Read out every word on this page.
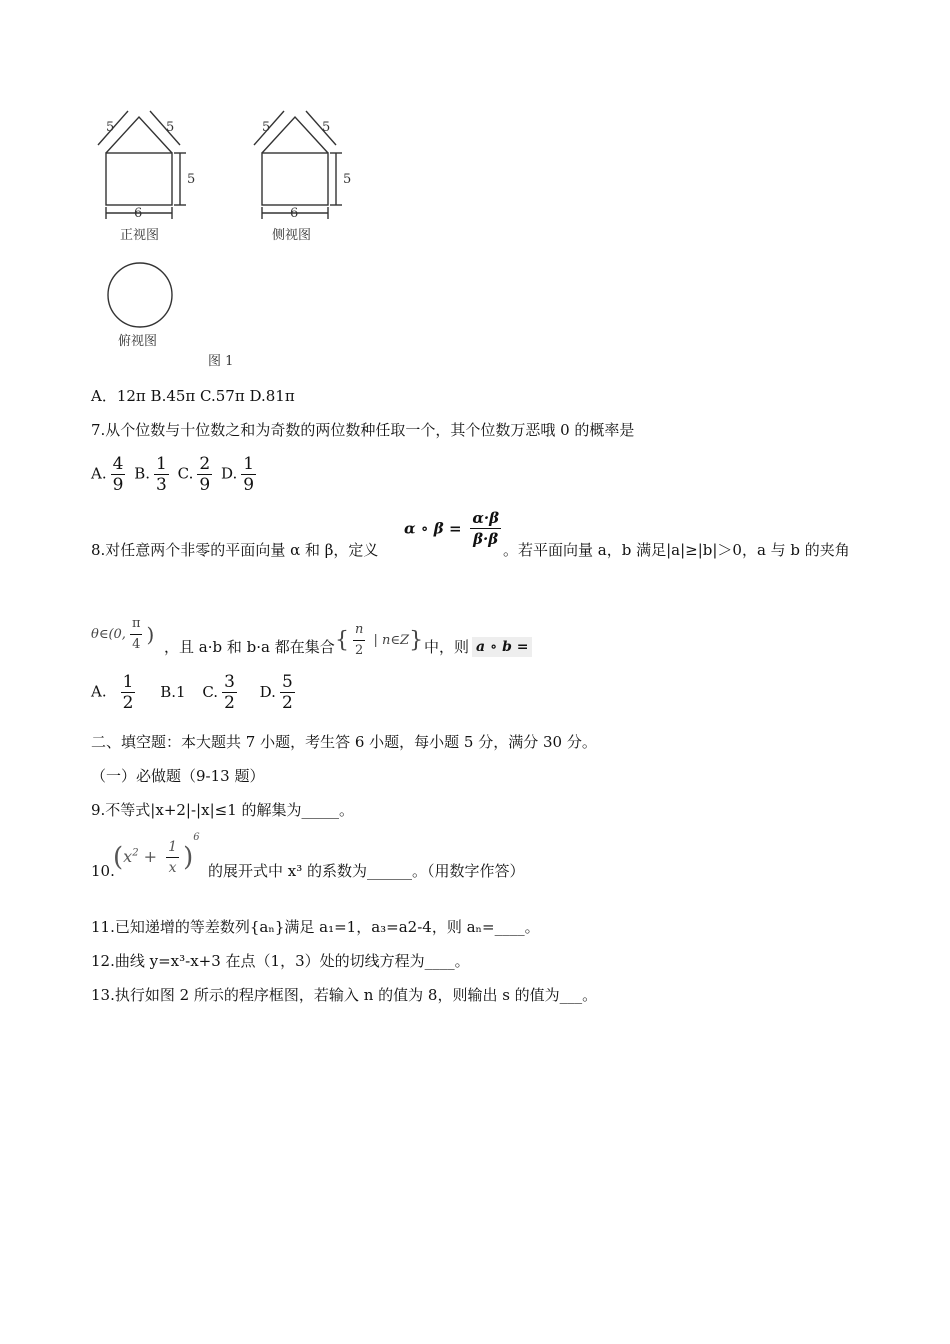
5	5
5
6
5	5
5
6
正视图	侧视图
俯视图
图 1
A．12π B.45π C.57π D.81π
7.从个位数与十位数之和为奇数的两位数种任取一个，其个位数万恶哦 0 的概率是
A. $\frac{4}{9} B$. $\frac{1}{3} C$. $\frac{2}{9} D$. $\frac{1}{9}$
8.对任意两个非零的平面向量 α 和 β，定义
α ∘ $\beta = \frac{\alpha\cdot\beta}{\beta\cdot\beta}$
。若平面向量 a，b 满足|a|≥|b|＞0，a 与 b 的夹角
θ∈(0, $\frac{\pi}{4}$ )
，且 a·b 和 b·a 都在集合 { $\frac{n}{2}$ | n∈Z} 中，则 a ∘ b =
A. $\frac{1}{2} B.1$ C. $\frac{3}{2} D$. $\frac{5}{2}$
二、填空题：本大题共 7 小题，考生答 6 小题，每小题 5 分，满分 30 分。
（一）必做题（9-13 题）
9.不等式|x+2|-|x|≤1 的解集为_____。
10.
$(x^2 + \frac{1}{x} )^6$
的展开式中 x³ 的系数为______。（用数字作答）
11.已知递增的等差数列{aₙ}满足 a₁=1，a₃=a2-4，则 aₙ=____。
12.曲线 y=x³-x+3 在点（1，3）处的切线方程为____。
13.执行如图 2 所示的程序框图，若输入 n 的值为 8，则输出 s 的值为___。
